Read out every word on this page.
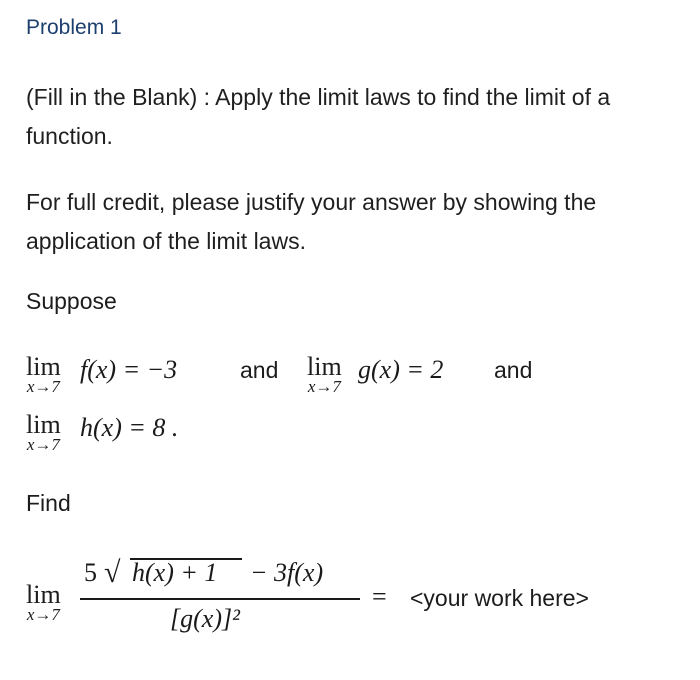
Problem 1
(Fill in the Blank) : Apply the limit laws to find the limit of a function.
For full credit, please justify your answer by showing the application of the limit laws.
Suppose
lim
x→7
f(x) = −3	and lim
x→7
g(x) = 2 and
lim
x→7
h(x) = 8 .
Find
lim
x→7
5 √ h(x) + 1 − 3f(x)
[g(x)]²
= <your work here>
